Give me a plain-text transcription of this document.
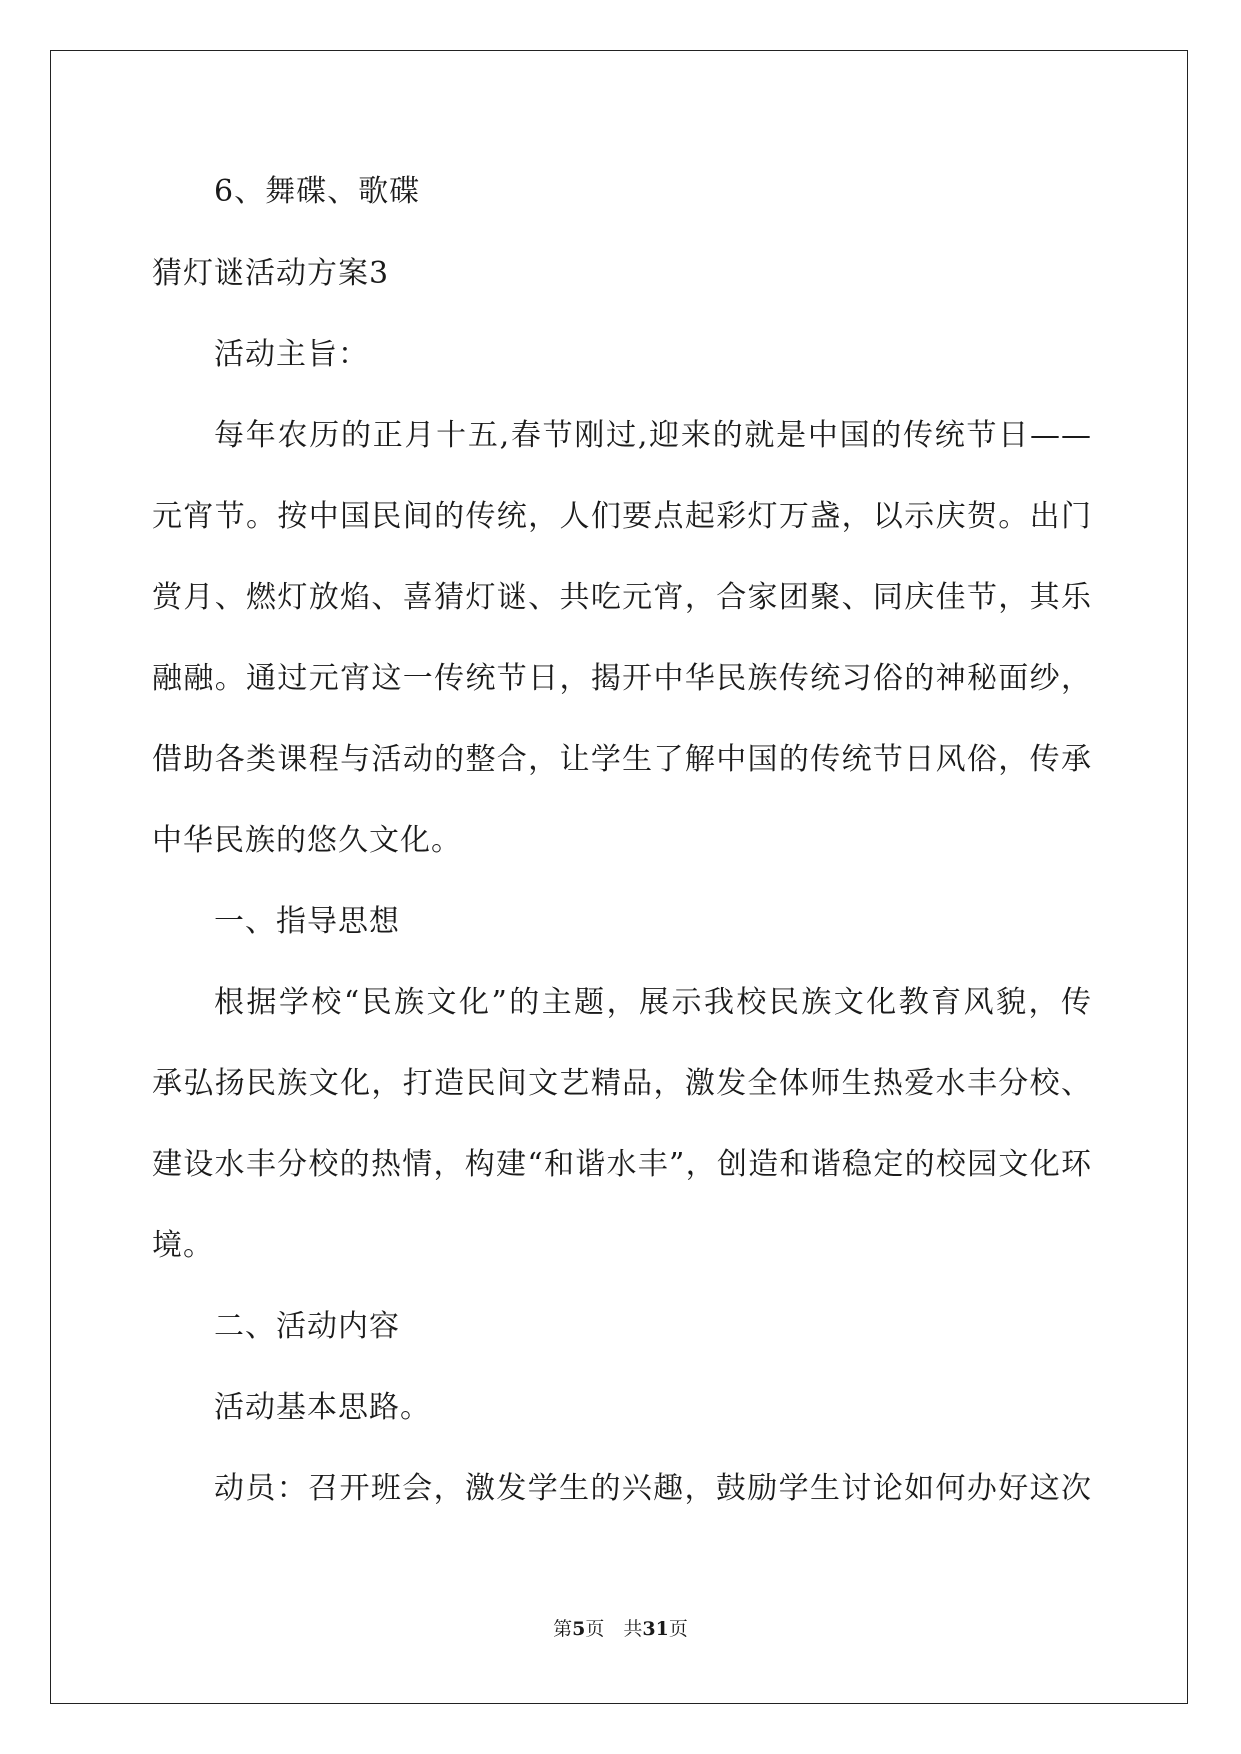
6、舞碟、歌碟
猜灯谜活动方案3
活动主旨：
每年农历的正月十五,春节刚过,迎来的就是中国的传统节日——
元宵节。按中国民间的传统，人们要点起彩灯万盏，以示庆贺。出门
赏月、燃灯放焰、喜猜灯谜、共吃元宵，合家团聚、同庆佳节，其乐
融融。通过元宵这一传统节日，揭开中华民族传统习俗的神秘面纱，
借助各类课程与活动的整合，让学生了解中国的传统节日风俗，传承
中华民族的悠久文化。
一、指导思想
根据学校“民族文化”的主题，展示我校民族文化教育风貌，传
承弘扬民族文化，打造民间文艺精品，激发全体师生热爱水丰分校、
建设水丰分校的热情，构建“和谐水丰”，创造和谐稳定的校园文化环
境。
二、活动内容
活动基本思路。
动员：召开班会，激发学生的兴趣，鼓励学生讨论如何办好这次
第5页　共31页
